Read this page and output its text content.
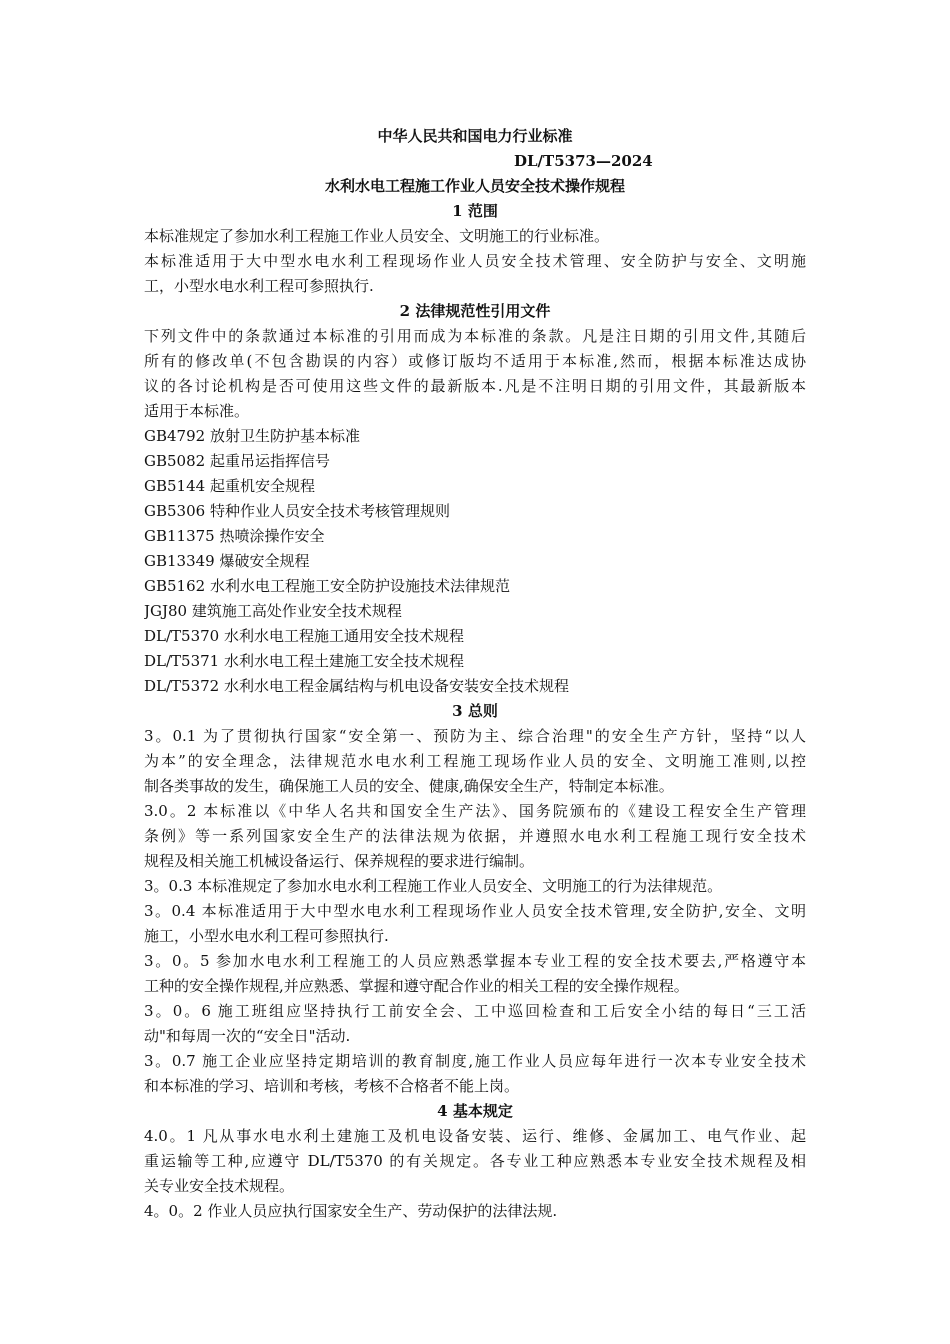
中华人民共和国电力行业标准
DL/T5373—2024
水利水电工程施工作业人员安全技术操作规程
1 范围
本标准规定了参加水利工程施工作业人员安全、文明施工的行业标准。
本标准适用于大中型水电水利工程现场作业人员安全技术管理、安全防护与安全、文明施
工，小型水电水利工程可参照执行.
2 法律规范性引用文件
下列文件中的条款通过本标准的引用而成为本标准的条款。凡是注日期的引用文件,其随后
所有的修改单(不包含勘误的内容）或修订版均不适用于本标准,然而，根据本标准达成协
议的各讨论机构是否可使用这些文件的最新版本.凡是不注明日期的引用文件，其最新版本
适用于本标准。
GB4792 放射卫生防护基本标准
GB5082 起重吊运指挥信号
GB5144 起重机安全规程
GB5306 特种作业人员安全技术考核管理规则
GB11375 热喷涂操作安全
GB13349 爆破安全规程
GB5162 水利水电工程施工安全防护设施技术法律规范
JGJ80 建筑施工高处作业安全技术规程
DL/T5370 水利水电工程施工通用安全技术规程
DL/T5371 水利水电工程土建施工安全技术规程
DL/T5372 水利水电工程金属结构与机电设备安装安全技术规程
3 总则
3。0.1 为了贯彻执行国家“安全第一、预防为主、综合治理"的安全生产方针，坚持“以人
为本”的安全理念，法律规范水电水利工程施工现场作业人员的安全、文明施工准则,以控
制各类事故的发生，确保施工人员的安全、健康,确保安全生产，特制定本标准。
3.0。2 本标准以《中华人名共和国安全生产法》、国务院颁布的《建设工程安全生产管理
条例》等一系列国家安全生产的法律法规为依据，并遵照水电水利工程施工现行安全技术
规程及相关施工机械设备运行、保养规程的要求进行编制。
3。0.3 本标准规定了参加水电水利工程施工作业人员安全、文明施工的行为法律规范。
3。0.4 本标准适用于大中型水电水利工程现场作业人员安全技术管理,安全防护,安全、文明
施工，小型水电水利工程可参照执行.
3。0。5 参加水电水利工程施工的人员应熟悉掌握本专业工程的安全技术要去,严格遵守本
工种的安全操作规程,并应熟悉、掌握和遵守配合作业的相关工程的安全操作规程。
3。0。6 施工班组应坚持执行工前安全会、工中巡回检查和工后安全小结的每日“三工活
动"和每周一次的“安全日"活动.
3。0.7 施工企业应坚持定期培训的教育制度,施工作业人员应每年进行一次本专业安全技术
和本标准的学习、培训和考核，考核不合格者不能上岗。
4 基本规定
4.0。1 凡从事水电水利土建施工及机电设备安装、运行、维修、金属加工、电气作业、起
重运输等工种,应遵守 DL/T5370 的有关规定。各专业工种应熟悉本专业安全技术规程及相
关专业安全技术规程。
4。0。2 作业人员应执行国家安全生产、劳动保护的法律法规.
